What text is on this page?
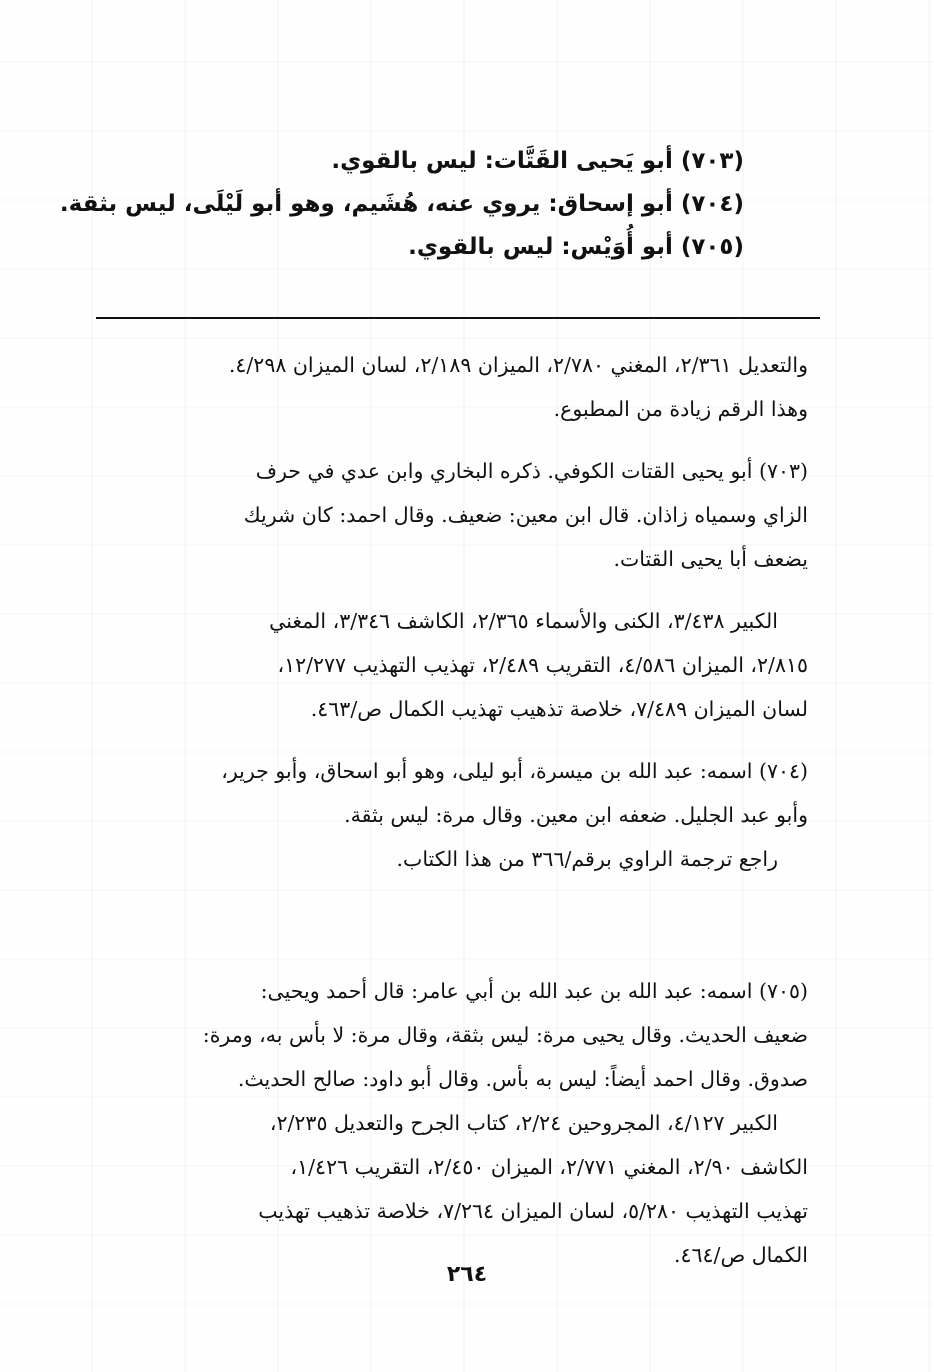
(٧٠٣) أبو يَحيى القَتَّات: ليس بالقوي.
(٧٠٤) أبو إسحاق: يروي عنه، هُشَيم، وهو أبو لَيْلَى، ليس بثقة.
(٧٠٥) أبو أُوَيْس: ليس بالقوي.
والتعديل ٢/٣٦١، المغني ٢/٧٨٠، الميزان ٢/١٨٩، لسان الميزان ٤/٢٩٨.
وهذا الرقم زيادة من المطبوع.
(٧٠٣) أبو يحيى القتات الكوفي. ذكره البخاري وابن عدي في حرف
الزاي وسمياه زاذان. قال ابن معين: ضعيف. وقال احمد: كان شريك
يضعف أبا يحيى القتات.
الكبير ٣/٤٣٨، الكنى والأسماء ٢/٣٦٥، الكاشف ٣/٣٤٦، المغني
٢/٨١٥، الميزان ٤/٥٨٦، التقريب ٢/٤٨٩، تهذيب التهذيب ١٢/٢٧٧،
لسان الميزان ٧/٤٨٩، خلاصة تذهيب تهذيب الكمال ص/٤٦٣.
(٧٠٤) اسمه: عبد الله بن ميسرة، أبو ليلى، وهو أبو اسحاق، وأبو جرير،
وأبو عبد الجليل. ضعفه ابن معين. وقال مرة: ليس بثقة.
راجع ترجمة الراوي برقم/٣٦٦ من هذا الكتاب.
(٧٠٥) اسمه: عبد الله بن عبد الله بن أبي عامر: قال أحمد ويحيى:
ضعيف الحديث. وقال يحيى مرة: ليس بثقة، وقال مرة: لا بأس به، ومرة:
صدوق. وقال احمد أيضاً: ليس به بأس. وقال أبو داود: صالح الحديث.
الكبير ٤/١٢٧، المجروحين ٢/٢٤، كتاب الجرح والتعديل ٢/٢٣٥،
الكاشف ٢/٩٠، المغني ٢/٧٧١، الميزان ٢/٤٥٠، التقريب ١/٤٢٦،
تهذيب التهذيب ٥/٢٨٠، لسان الميزان ٧/٢٦٤، خلاصة تذهيب تهذيب
الكمال ص/٤٦٤.
٢٦٤
